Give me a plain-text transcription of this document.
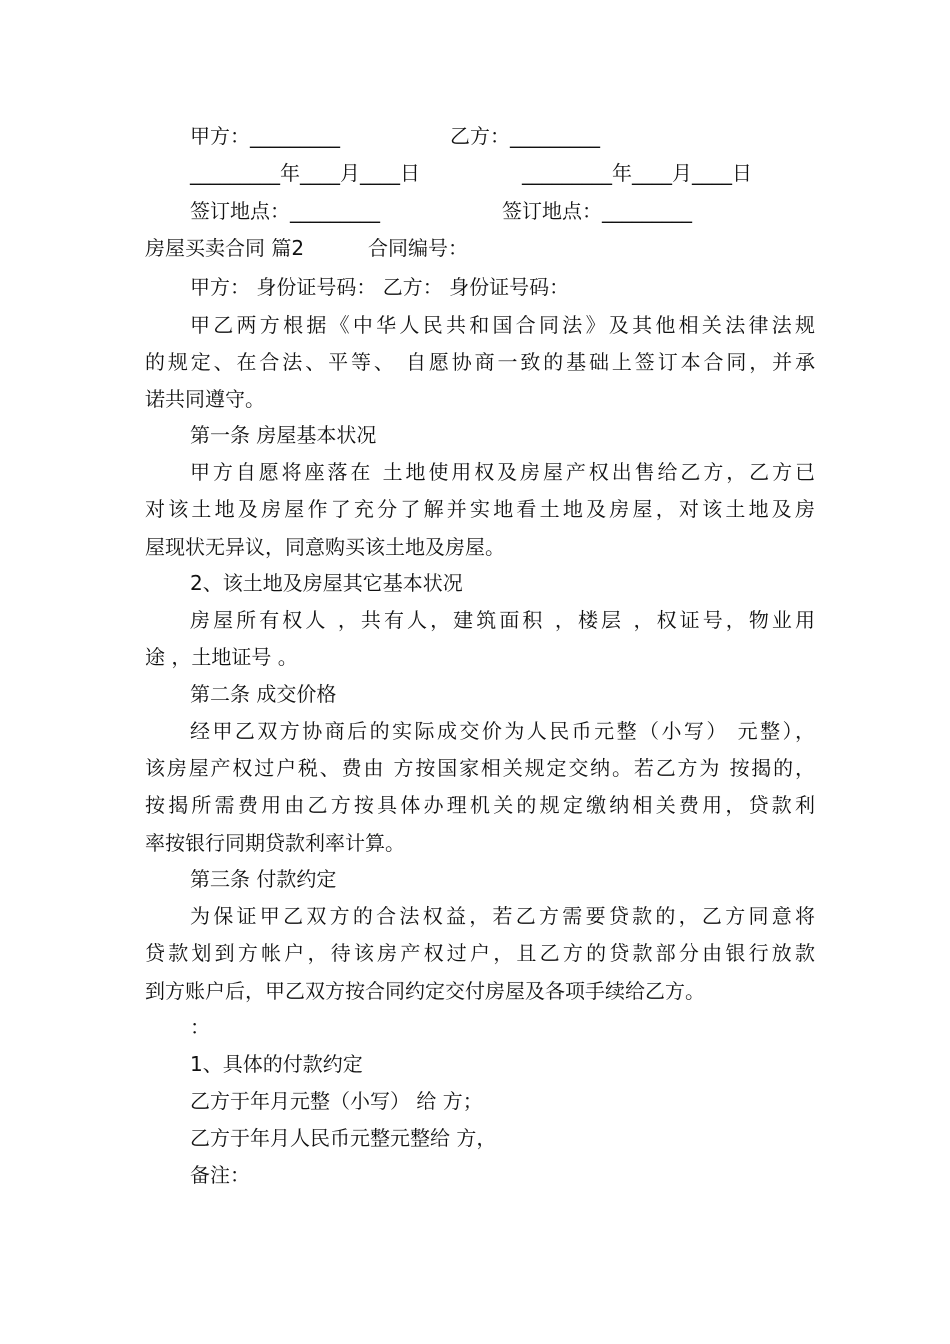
甲方：_________	乙方：_________
_________年____月____日	_________年____月____日
签订地点：_________	签订地点：_________
房屋买卖合同 篇2	合同编号：
甲方： 身份证号码： 乙方： 身份证号码：
甲乙两方根据《中华人民共和国合同法》及其他相关法律法规
的规定、在合法、平等、 自愿协商一致的基础上签订本合同，并承
诺共同遵守。
第一条 房屋基本状况
甲方自愿将座落在 土地使用权及房屋产权出售给乙方，乙方已
对该土地及房屋作了充分了解并实地看土地及房屋，对该土地及房
屋现状无异议，同意购买该土地及房屋。
2、该土地及房屋其它基本状况
房屋所有权人 ，共有人，建筑面积 ，楼层 ，权证号，物业用
途 ，土地证号 。
第二条 成交价格
经甲乙双方协商后的实际成交价为人民币元整（小写） 元整），
该房屋产权过户税、费由 方按国家相关规定交纳。若乙方为 按揭的，
按揭所需费用由乙方按具体办理机关的规定缴纳相关费用，贷款利
率按银行同期贷款利率计算。
第三条 付款约定
为保证甲乙双方的合法权益，若乙方需要贷款的，乙方同意将
贷款划到方帐户，待该房产权过户，且乙方的贷款部分由银行放款
到方账户后，甲乙双方按合同约定交付房屋及各项手续给乙方。
：
1、具体的付款约定
乙方于年月元整（小写） 给 方；
乙方于年月人民币元整元整给 方，
备注：
